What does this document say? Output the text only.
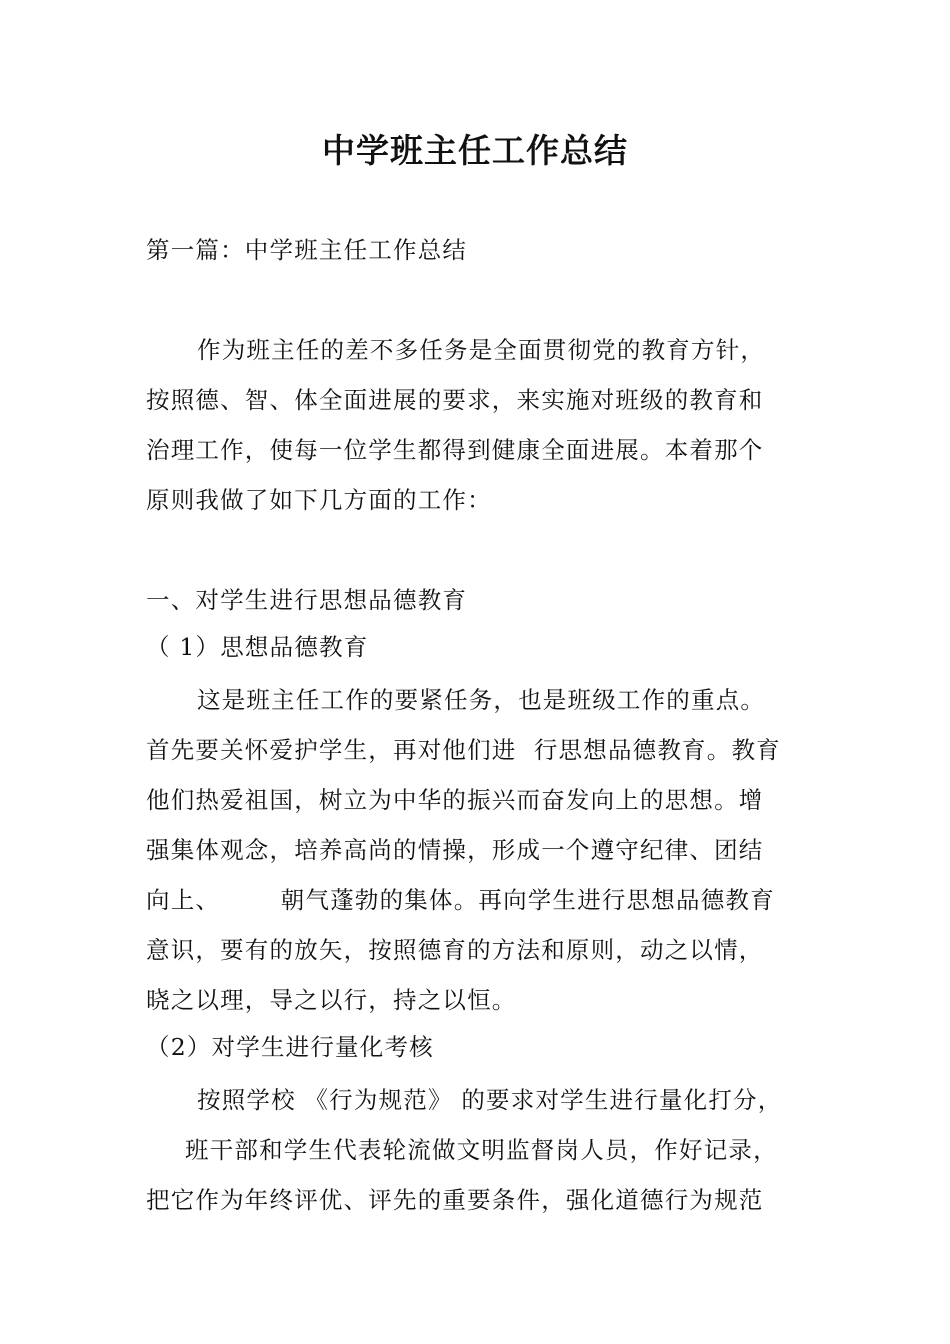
中学班主任工作总结
第一篇：中学班主任工作总结
作为班主任的差不多任务是全面贯彻党的教育方针，
按照德、智、体全面进展的要求，来实施对班级的教育和
治理工作，使每一位学生都得到健康全面进展。本着那个
原则我做了如下几方面的工作：
一、对学生进行思想品德教育
（ 1）思想品德教育
这是班主任工作的要紧任务，也是班级工作的重点。
首先要关怀爱护学生，再对他们进  行思想品德教育。教育
他们热爱祖国，树立为中华的振兴而奋发向上的思想。增
强集体观念，培养高尚的情操，形成一个遵守纪律、团结
向上、       朝气蓬勃的集体。再向学生进行思想品德教育
意识，要有的放矢，按照德育的方法和原则，动之以情，
晓之以理，导之以行，持之以恒。
（2）对学生进行量化考核
按照学校 《行为规范》 的要求对学生进行量化打分，
班干部和学生代表轮流做文明监督岗人员，作好记录，
把它作为年终评优、评先的重要条件，强化道德行为规范
